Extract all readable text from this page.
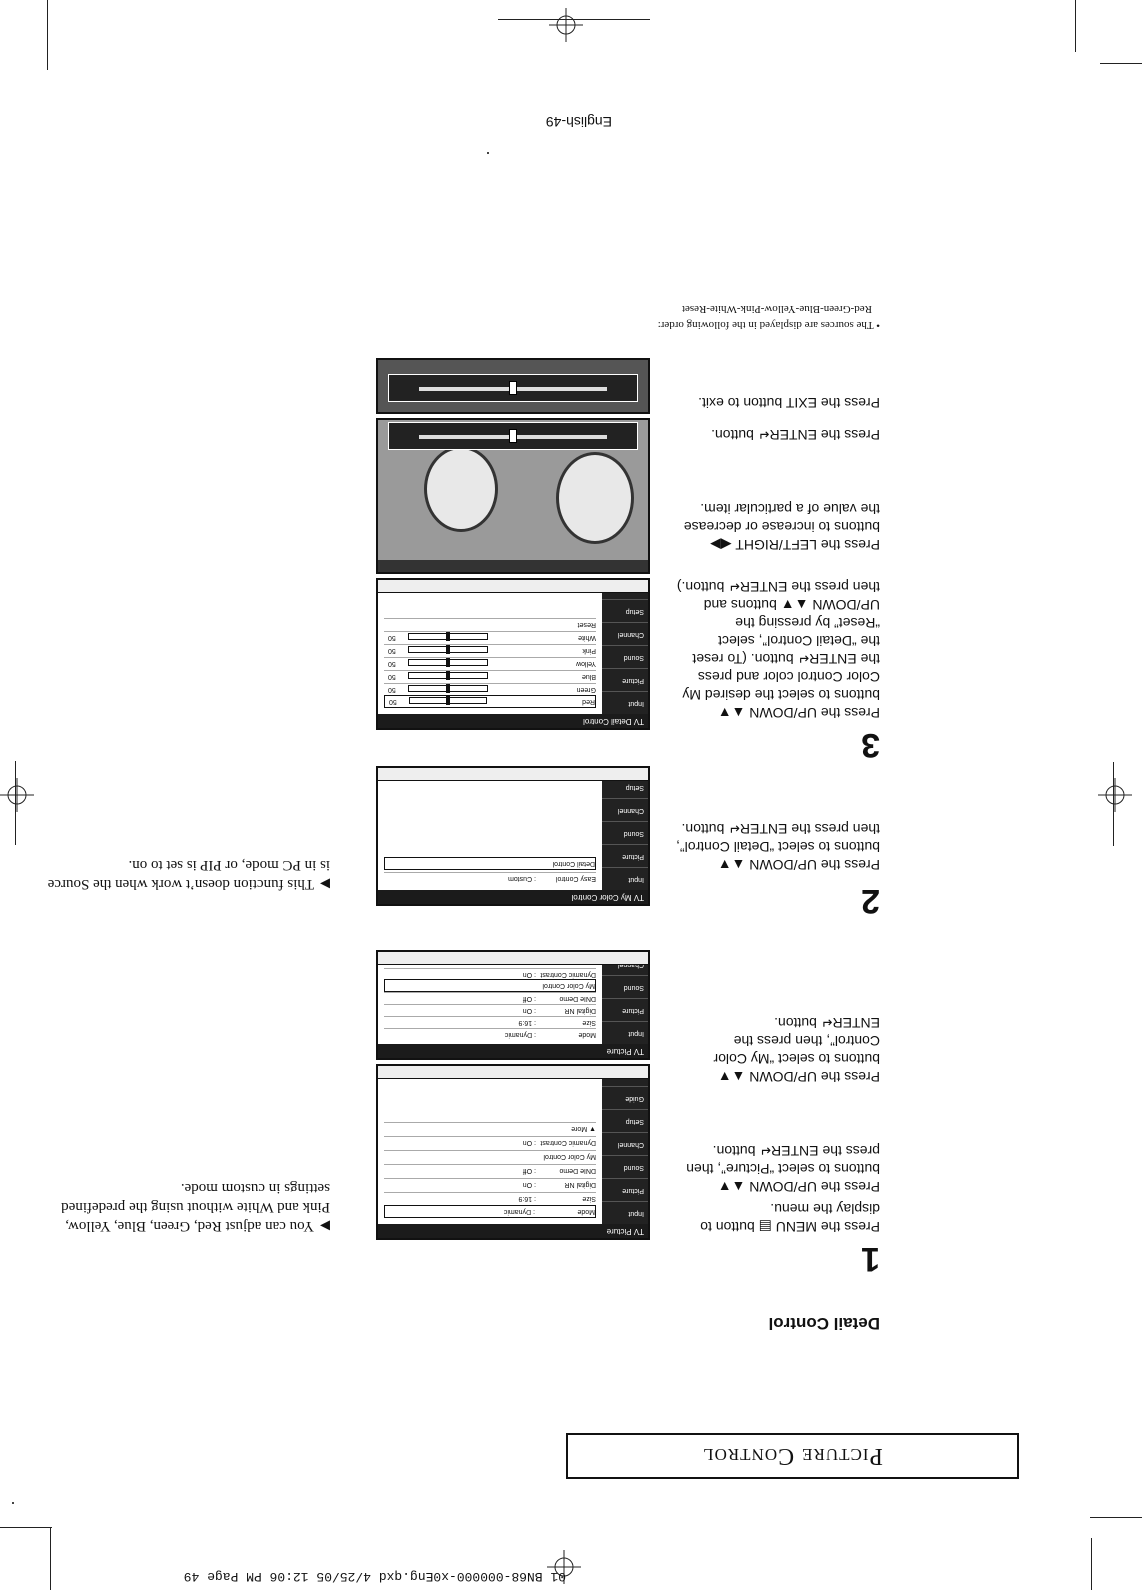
01 BN68-000000-x0Eng.qxd 4/25/05 12:06 PM Page 49
Picture Control
Detail Control
1
Press the MENU ▤ button to display the menu.
Press the UP/DOWN ▲▼ buttons to select “Picture”, then press the ENTER↵ button.
Press the UP/DOWN ▲▼ buttons to select “My Color Control”, then press the ENTER↵ button.
TV Picture
Input
Picture
Sound
Channel
Setup
Guide
Mode
: Dynamic
Size
: 16:9
Digital NR
: On
DNIe Demo
: Off
My Color Control
Dynamic Contrast
: On
▼ More
TV Picture
Input
Picture
Sound
Mode
: Dynamic
Size
: 16:9
Digital NR
: On
DNIe Demo
: Off
My Color Control
Dynamic Contrast
: On
2
Press the UP/DOWN ▲▼ buttons to select “Detail Control”, then press the ENTER↵ button.
TV My Color Control
Input
Picture
Sound
Channel
Setup
Easy Control
: Custom
Detail Control
3
Press the UP/DOWN ▲▼ buttons to select the desired My Color Control color and press the ENTER↵ button. (To reset the “Detail Control”, select “Reset” by pressing the UP/DOWN ▲▼ buttons and then press the ENTER↵ button.)
Press the LEFT/RIGHT ◀▶ buttons to increase or decrease the value of a particular item.
Press the ENTER↵ button.
Press the EXIT button to exit.
TV Detail Control
Input
Picture
Sound
Channel
Setup
Red
50
Green
50
Blue
50
Yellow
50
Pink
50
White
50
Reset
▶You can adjust Red, Green, Blue, Yellow, Pink and White without using the predefined settings in custom mode.
▶This function doesn’t work when the Source is in PC mode, or PIP is set to on.
• The sources are displayed in the following order:
Red-Green-Blue-Yellow-Pink-White-Reset
English-49
